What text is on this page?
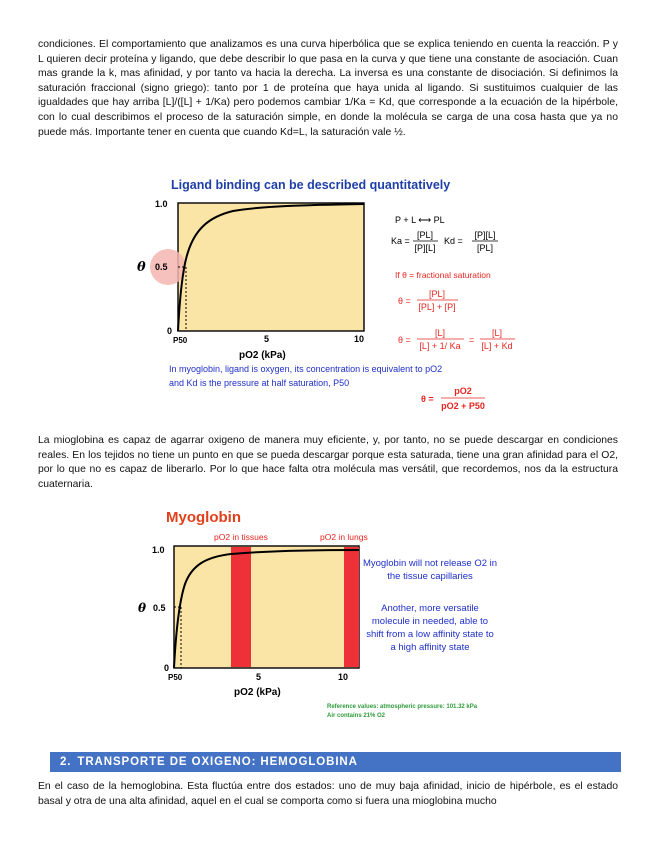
condiciones. El comportamiento que analizamos es una curva hiperbólica que se explica teniendo en cuenta la reacción. P y L quieren decir proteína y ligando, que debe describir lo que pasa en la curva y que tiene una constante de asociación. Cuan mas grande la k, mas afinidad, y por tanto va hacia la derecha. La inversa es una constante de disociación. Si definimos la saturación fraccional (signo griego): tanto por 1 de proteína que haya unida al ligando. Si sustituimos cualquier de las igualdades que hay arriba [L]/([L] + 1/Ka) pero podemos cambiar 1/Ka = Kd, que corresponde a la ecuación de la hipérbole, con lo cual describimos el proceso de la saturación simple, en donde la molécula se carga de una cosa hasta que ya no puede más. Importante tener en cuenta que cuando Kd=L, la saturación vale ½.

Ligand binding can be described quantitatively
1.0
0.5
0
θ
P50	5	10
pO2 (kPa)
P + L ⟷ PL
Ka =
[PL]
[P][L]
Kd =
[P][L]
[PL]
If θ = fractional saturation
θ =
[PL]
[PL] + [P]
θ =
[L]
[L] + 1/ Ka
=
[L]
[L] + Kd
In myoglobin, ligand is oxygen, its concentration is equivalent to pO2
and Kd is the pressure at half saturation, P50
θ =
pO2
pO2 + P50

La mioglobina es capaz de agarrar oxigeno de manera muy eficiente, y, por tanto, no se puede descargar en condiciones reales. En los tejidos no tiene un punto en que se pueda descargar porque esta saturada, tiene una gran afinidad para el O2, por lo que no es capaz de liberarlo. Por lo que hace falta otra molécula mas versátil, que recordemos, nos da la estructura cuaternaria.

Myoglobin
pO2 in tissues	pO2 in lungs
1.0
0.5
0
θ
P50	5	10
pO2 (kPa)
Myoglobin will not release O2 in
the tissue capillaries
Another, more versatile
molecule in needed, able to
shift from a low affinity state to
a high affinity state
Reference values: atmospheric pressure: 101.32 kPa
Air contains 21% O2
2. TRANSPORTE DE OXIGENO: HEMOGLOBINA

En el caso de la hemoglobina. Esta fluctúa entre dos estados: uno de muy baja afinidad, inicio de hipérbole, es el estado basal y otra de una alta afinidad, aquel en el cual se comporta como si fuera una mioglobina mucho
